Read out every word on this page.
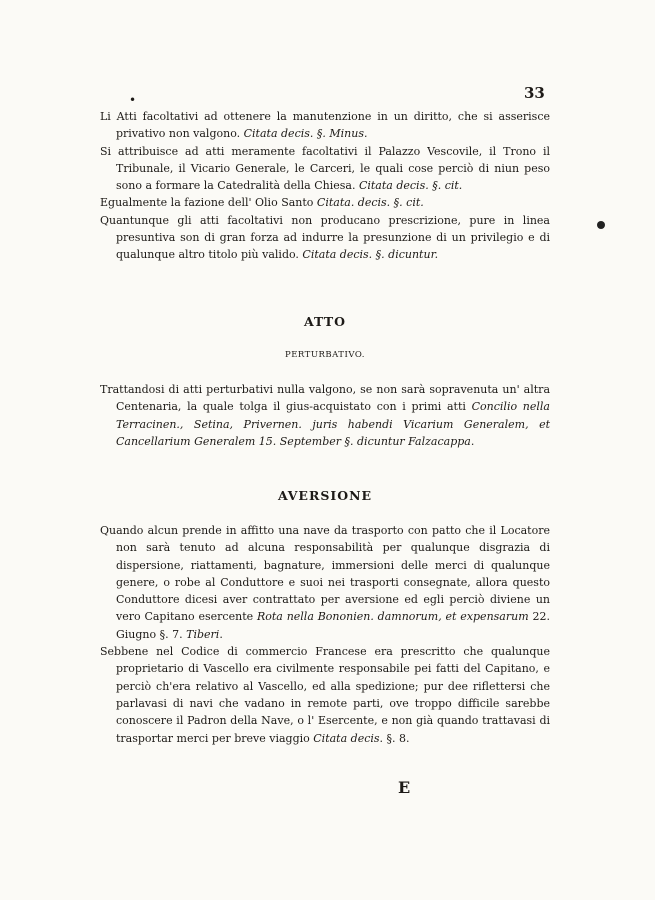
33
•

Li Atti facoltativi ad ottenere la manutenzione in un diritto, che si asserisce privativo non valgono. Citata decis. §. Minus.

Si attribuisce ad atti meramente facoltativi il Palazzo Vescovile, il Trono il Tribunale, il Vicario Generale, le Carceri, le quali cose perciò di niun peso sono a formare la Catedralità della Chiesa. Citata decis. §. cit.

Egualmente la fazione dell' Olio Santo Citata. decis. §. cit.

Quantunque gli atti facoltativi non producano prescrizione, pure in linea presuntiva son di gran forza ad indurre la presunzione di un privilegio e di qualunque altro titolo più valido. Citata decis. §. dicuntur.

ATTO
PERTURBATIVO.

Trattandosi di atti perturbativi nulla valgono, se non sarà sopravenuta un' altra Centenaria, la quale tolga il gius-acquistato con i primi atti Concilio nella Terracinen., Setina, Privernen. juris habendi Vicarium Generalem, et Cancellarium Generalem 15. September §. dicuntur Falzacappa.

AVERSIONE

Quando alcun prende in affitto una nave da trasporto con patto che il Locatore non sarà tenuto ad alcuna responsabilità per qualunque disgrazia di dispersione, riattamenti, bagnature, immersioni delle merci di qualunque genere, o robe al Conduttore e suoi nei trasporti consegnate, allora questo Conduttore dicesi aver contrattato per aversione ed egli perciò diviene un vero Capitano esercente Rota nella Bononien. damnorum, et expensarum 22. Giugno §. 7. Tiberi.

Sebbene nel Codice di commercio Francese era prescritto che qualunque proprietario di Vascello era civilmente responsabile pei fatti del Capitano, e perciò ch'era relativo al Vascello, ed alla spedizione; pur dee riflettersi che parlavasi di navi che vadano in remote parti, ove troppo difficile sarebbe conoscere il Padron della Nave, o l' Esercente, e non già quando trattavasi di trasportar merci per breve viaggio Citata decis. §. 8.

E
